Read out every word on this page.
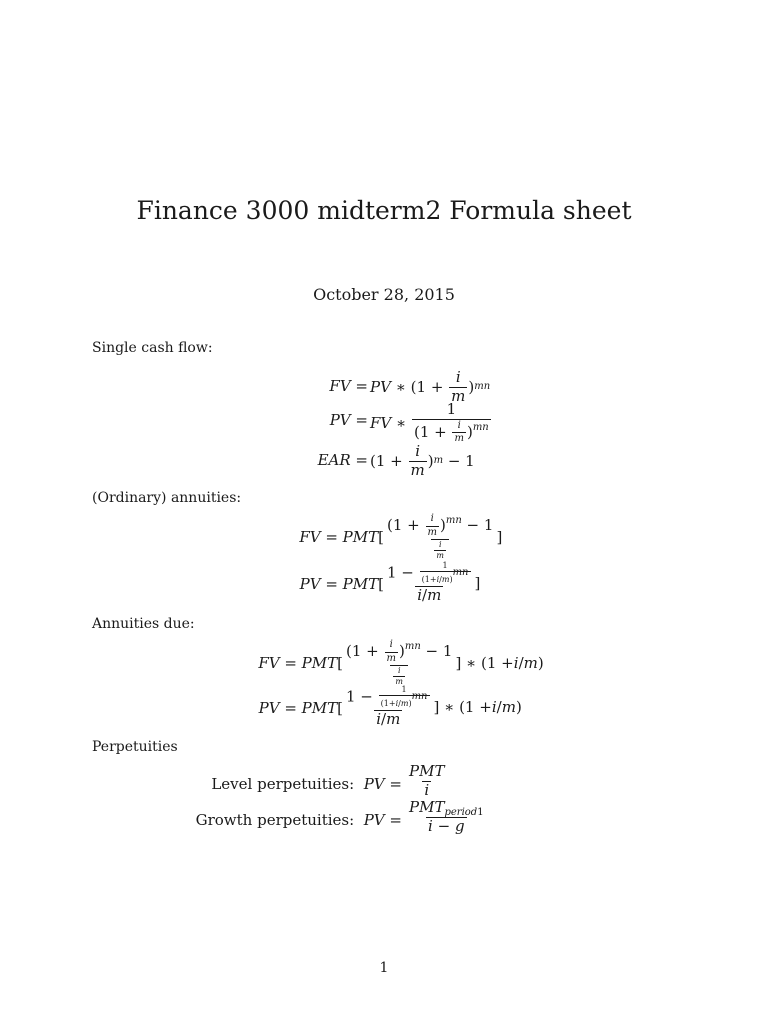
Finance 3000 midterm2 Formula sheet
October 28, 2015
Single cash flow:
FV = PV ∗ ($1 + \frac{i}{m}$ ) mn
PV = FV ∗ $\frac{1}{(1 + \frac{i}{m} )^{mn}}$
EAR = ($1 + \frac{i}{m}$ ) m − 1
(Ordinary) annuities:
FV = $PMT[ \frac{(1 + \frac{i}{m} )^{mn} - 1}{\frac{i}{m}}$ ]
PV = $PMT[ \frac{1 - \frac{1}{(1+i/m)^{mn}}}{i/m}$ ]
Annuities due:
FV = $PMT[ \frac{(1 + \frac{i}{m} )^{mn} - 1}{\frac{i}{m}}$ ] ∗ (1 + i / m )
PV = $PMT[ \frac{1 - \frac{1}{(1+i/m)^{mn}}}{i/m}$ ] ∗ (1 + i / m )
Perpetuities
Level perpetuities: PV = $\frac{\text{PMT}}{i}$
Growth perpetuities: PV = $\frac{PMT_{period1}}{i - g}$
1
